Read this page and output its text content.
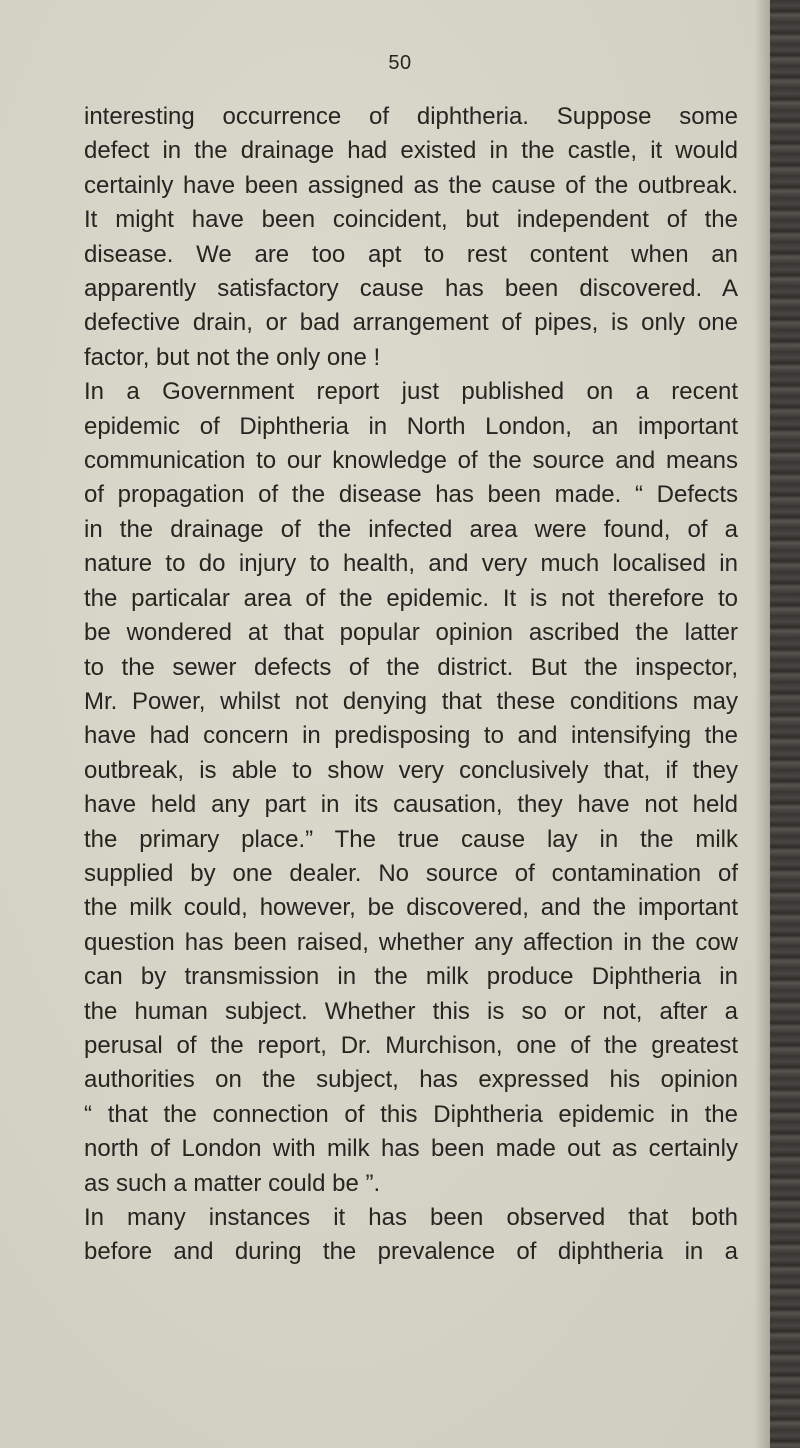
50
interesting occurrence of diphtheria. Suppose some
defect in the drainage had existed in the castle, it would
certainly have been assigned as the cause of the outbreak.
It might have been coincident, but independent of the
disease. We are too apt to rest content when an
apparently satisfactory cause has been discovered. A
defective drain, or bad arrangement of pipes, is only one
factor, but not the only one !
In a Government report just published on a recent
epidemic of Diphtheria in North London, an important
communication to our knowledge of the source and means
of propagation of the disease has been made. “ Defects
in the drainage of the infected area were found, of a
nature to do injury to health, and very much localised in
the particalar area of the epidemic. It is not therefore to
be wondered at that popular opinion ascribed the latter
to the sewer defects of the district. But the inspector,
Mr. Power, whilst not denying that these conditions may
have had concern in predisposing to and intensifying the
outbreak, is able to show very conclusively that, if they
have held any part in its causation, they have not held
the primary place.” The true cause lay in the milk
supplied by one dealer. No source of contamination of
the milk could, however, be discovered, and the important
question has been raised, whether any affection in the cow
can by transmission in the milk produce Diphtheria in
the human subject. Whether this is so or not, after a
perusal of the report, Dr. Murchison, one of the greatest
authorities on the subject, has expressed his opinion
“ that the connection of this Diphtheria epidemic in the
north of London with milk has been made out as certainly
as such a matter could be ”.
In many instances it has been observed that both
before and during the prevalence of diphtheria in a
